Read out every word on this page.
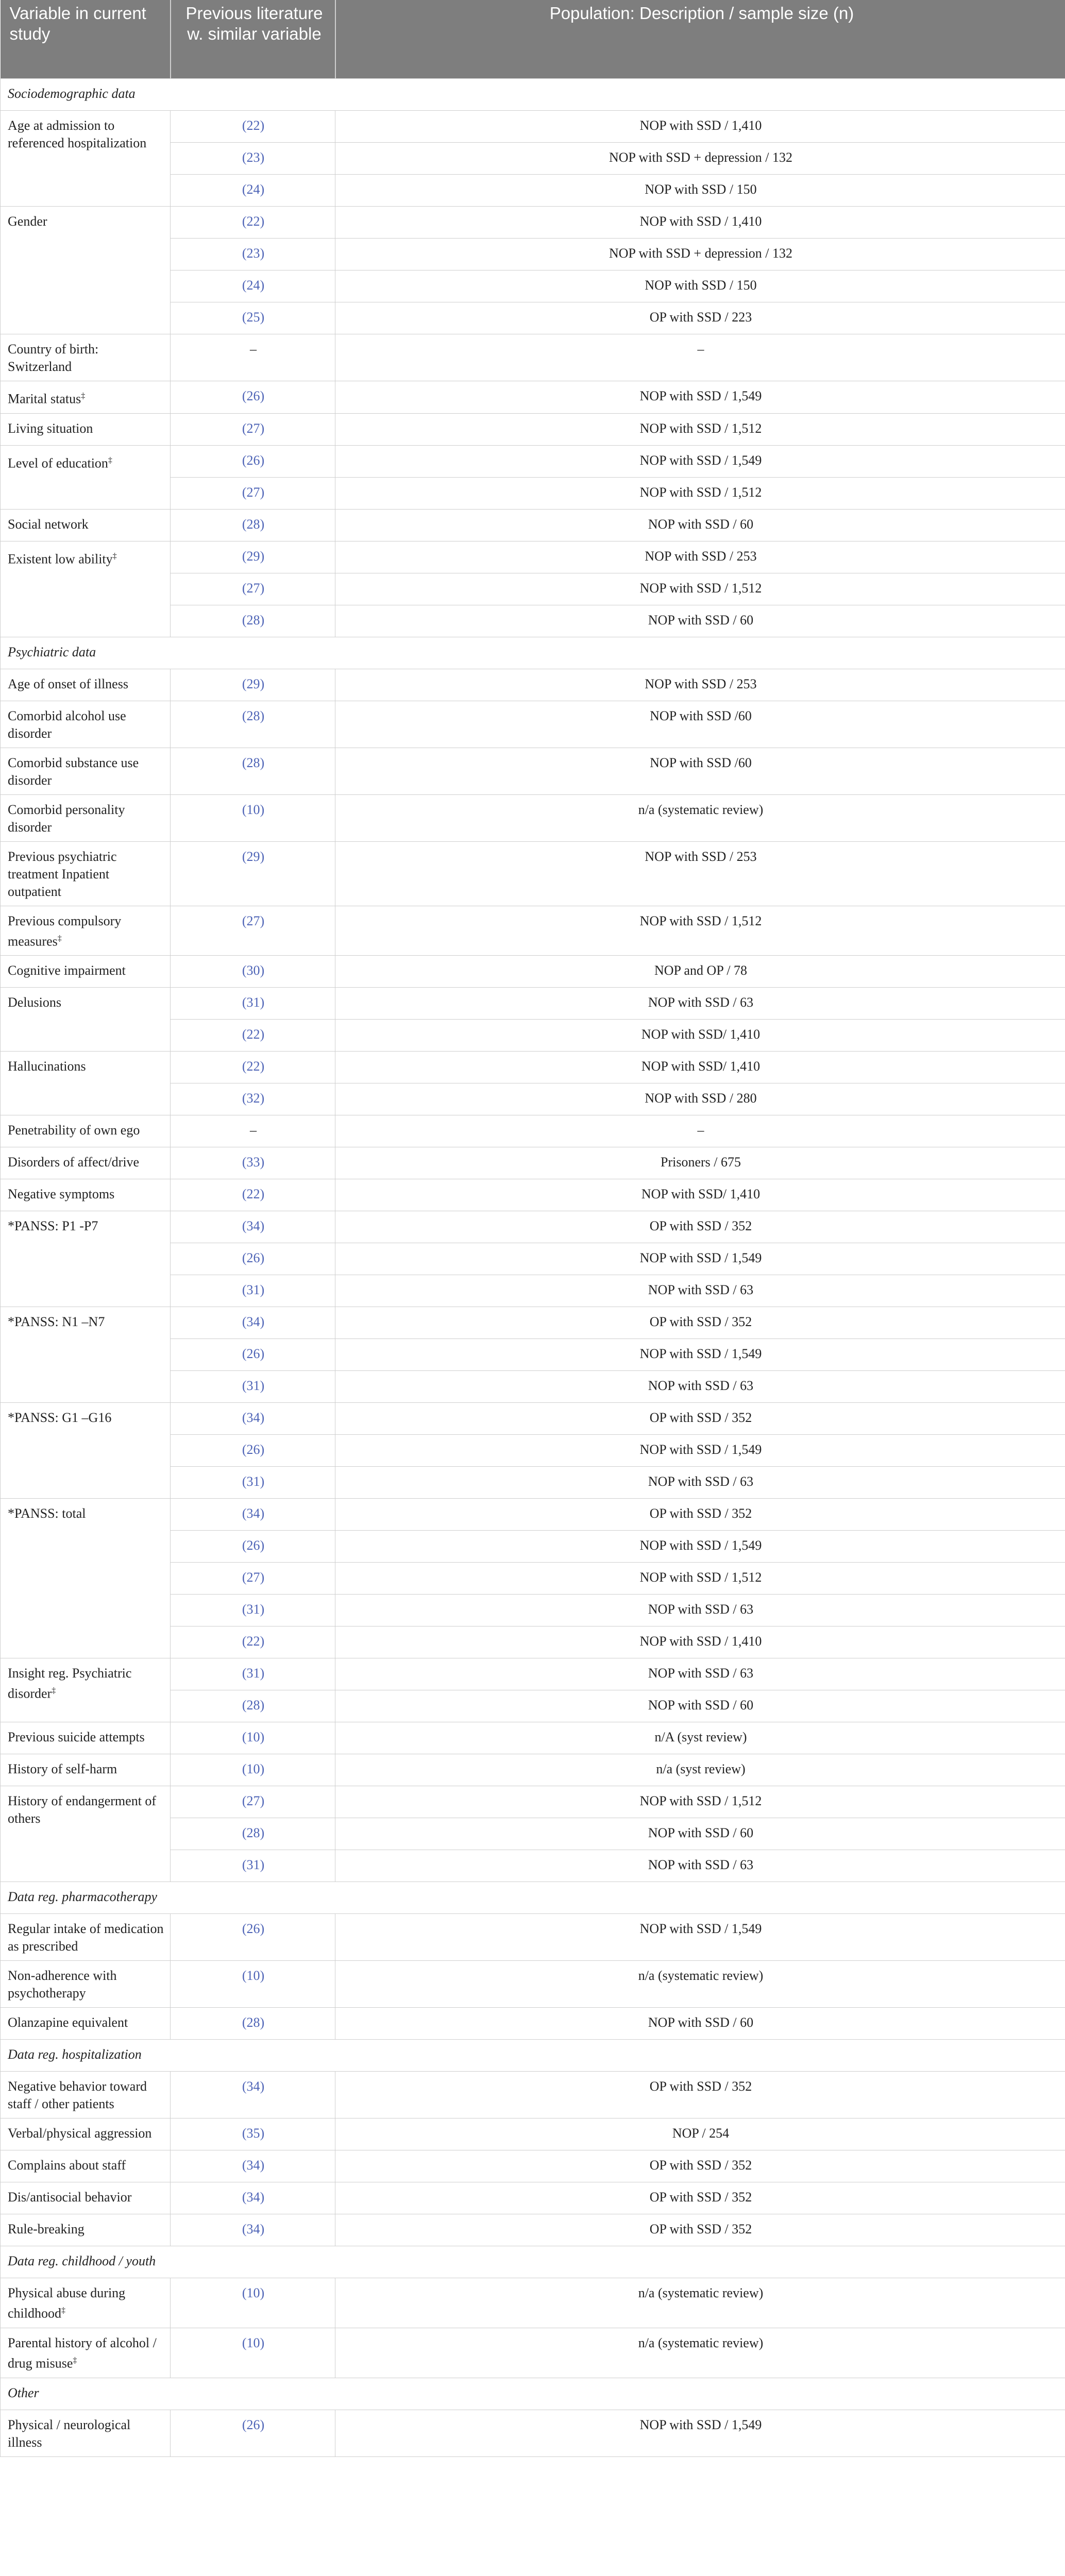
Variable in current study	Previous literature w. similar variable	Population: Description / sample size (n)
Sociodemographic data		
Age at admission to referenced hospitalization	(22)	NOP with SSD / 1,410
	(23)	NOP with SSD + depression / 132
	(24)	NOP with SSD / 150
Gender	(22)	NOP with SSD / 1,410
	(23)	NOP with SSD + depression / 132
	(24)	NOP with SSD / 150
	(25)	OP with SSD / 223
Country of birth: Switzerland	–	–
Marital status‡	(26)	NOP with SSD / 1,549
Living situation	(27)	NOP with SSD / 1,512
Level of education‡	(26)	NOP with SSD / 1,549
	(27)	NOP with SSD / 1,512
Social network	(28)	NOP with SSD / 60
Existent low ability‡	(29)	NOP with SSD / 253
	(27)	NOP with SSD / 1,512
	(28)	NOP with SSD / 60
Psychiatric data		
Age of onset of illness	(29)	NOP with SSD / 253
Comorbid alcohol use disorder	(28)	NOP with SSD /60
Comorbid substance use disorder	(28)	NOP with SSD /60
Comorbid personality disorder	(10)	n/a (systematic review)
Previous psychiatric treatment Inpatient outpatient	(29)	NOP with SSD / 253
Previous compulsory measures‡	(27)	NOP with SSD / 1,512
Cognitive impairment	(30)	NOP and OP / 78
Delusions	(31)	NOP with SSD / 63
	(22)	NOP with SSD/ 1,410
Hallucinations	(22)	NOP with SSD/ 1,410
	(32)	NOP with SSD / 280
Penetrability of own ego	–	–
Disorders of affect/drive	(33)	Prisoners / 675
Negative symptoms	(22)	NOP with SSD/ 1,410
*PANSS: P1 -P7	(34)	OP with SSD / 352
	(26)	NOP with SSD / 1,549
	(31)	NOP with SSD / 63
*PANSS: N1 –N7	(34)	OP with SSD / 352
	(26)	NOP with SSD / 1,549
	(31)	NOP with SSD / 63
*PANSS: G1 –G16	(34)	OP with SSD / 352
	(26)	NOP with SSD / 1,549
	(31)	NOP with SSD / 63
*PANSS: total	(34)	OP with SSD / 352
	(26)	NOP with SSD / 1,549
	(27)	NOP with SSD / 1,512
	(31)	NOP with SSD / 63
	(22)	NOP with SSD / 1,410
Insight reg. Psychiatric disorder‡	(31)	NOP with SSD / 63
	(28)	NOP with SSD / 60
Previous suicide attempts	(10)	n/A (syst review)
History of self-harm	(10)	n/a (syst review)
History of endangerment of others	(27)	NOP with SSD / 1,512
	(28)	NOP with SSD / 60
	(31)	NOP with SSD / 63
Data reg. pharmacotherapy		
Regular intake of medication as prescribed	(26)	NOP with SSD / 1,549
Non-adherence with psychotherapy	(10)	n/a (systematic review)
Olanzapine equivalent	(28)	NOP with SSD / 60
Data reg. hospitalization		
Negative behavior toward staff / other patients	(34)	OP with SSD / 352
Verbal/physical aggression	(35)	NOP / 254
Complains about staff	(34)	OP with SSD / 352
Dis/antisocial behavior	(34)	OP with SSD / 352
Rule-breaking	(34)	OP with SSD / 352
Data reg. childhood / youth		
Physical abuse during childhood‡	(10)	n/a (systematic review)
Parental history of alcohol / drug misuse‡	(10)	n/a (systematic review)
Other		
Physical / neurological illness	(26)	NOP with SSD / 1,549
